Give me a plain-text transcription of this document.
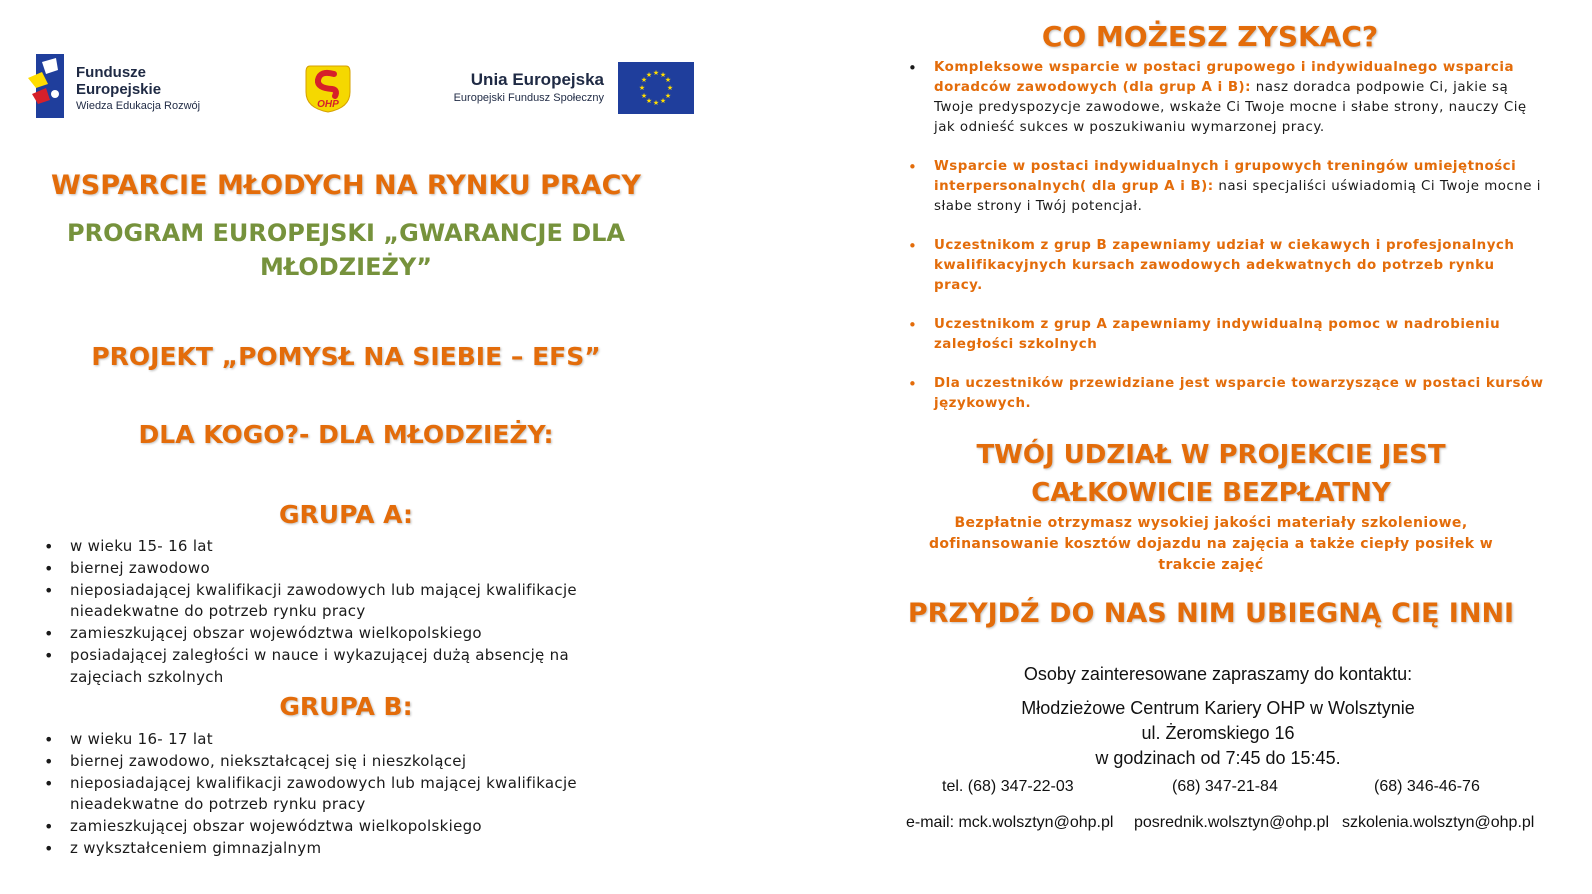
Fundusze
Europejskie
Wiedza Edukacja Rozwój	OHP
Unia Europejska
Europejski Fundusz Społeczny
★ ★
★
★
★
★
★
★
★
★
★
★
WSPARCIE MŁODYCH NA RYNKU PRACY
PROGRAM EUROPEJSKI „GWARANCJE DLA MŁODZIEŻY”
PROJEKT „POMYSŁ NA SIEBIE – EFS”
DLA KOGO?- DLA MŁODZIEŻY:
GRUPA A:
• w wieku 15- 16 lat
• biernej zawodowo
• nieposiadającej kwalifikacji zawodowych lub mającej kwalifikacje nieadekwatne do potrzeb rynku pracy
• zamieszkującej obszar województwa wielkopolskiego
• posiadającej zaległości w nauce i wykazującej dużą absencję na zajęciach szkolnych
GRUPA B:
• w wieku 16- 17 lat
• biernej zawodowo, niekształcącej się i nieszkolącej
• nieposiadającej kwalifikacji zawodowych lub mającej kwalifikacje nieadekwatne do potrzeb rynku pracy
• zamieszkującej obszar województwa wielkopolskiego
• z wykształceniem gimnazjalnym
CO MOŻESZ ZYSKAC?
• Kompleksowe wsparcie w postaci grupowego i indywidualnego wsparcia doradców zawodowych (dla grup A i B): nasz doradca podpowie Ci, jakie są Twoje predyspozycje zawodowe, wskaże Ci Twoje mocne i słabe strony, nauczy Cię jak odnieść sukces w poszukiwaniu wymarzonej pracy.
• Wsparcie w postaci indywidualnych i grupowych treningów umiejętności interpersonalnych( dla grup A i B): nasi specjaliści uświadomią Ci Twoje mocne i słabe strony i Twój potencjał.
• Uczestnikom z grup B zapewniamy udział w ciekawych i profesjonalnych kwalifikacyjnych kursach zawodowych adekwatnych do potrzeb rynku pracy.
• Uczestnikom z grup A zapewniamy indywidualną pomoc w nadrobieniu zaległości szkolnych
• Dla uczestników przewidziane jest wsparcie towarzyszące w postaci kursów językowych.
TWÓJ UDZIAŁ W PROJEKCIE JEST CAŁKOWICIE BEZPŁATNY
Bezpłatnie otrzymasz wysokiej jakości materiały szkoleniowe, dofinansowanie kosztów dojazdu na zajęcia a także ciepły posiłek w trakcie zajęć
PRZYJDŹ DO NAS NIM UBIEGNĄ CIĘ INNI
Osoby zainteresowane zapraszamy do kontaktu:
Młodzieżowe Centrum Kariery OHP w Wolsztynie
ul. Żeromskiego 16
w godzinach od 7:45 do 15:45.
tel. (68) 347-22-03	(68) 347-21-84	(68) 346-46-76
e-mail: mck.wolsztyn@ohp.pl posrednik.wolsztyn@ohp.pl szkolenia.wolsztyn@ohp.pl
